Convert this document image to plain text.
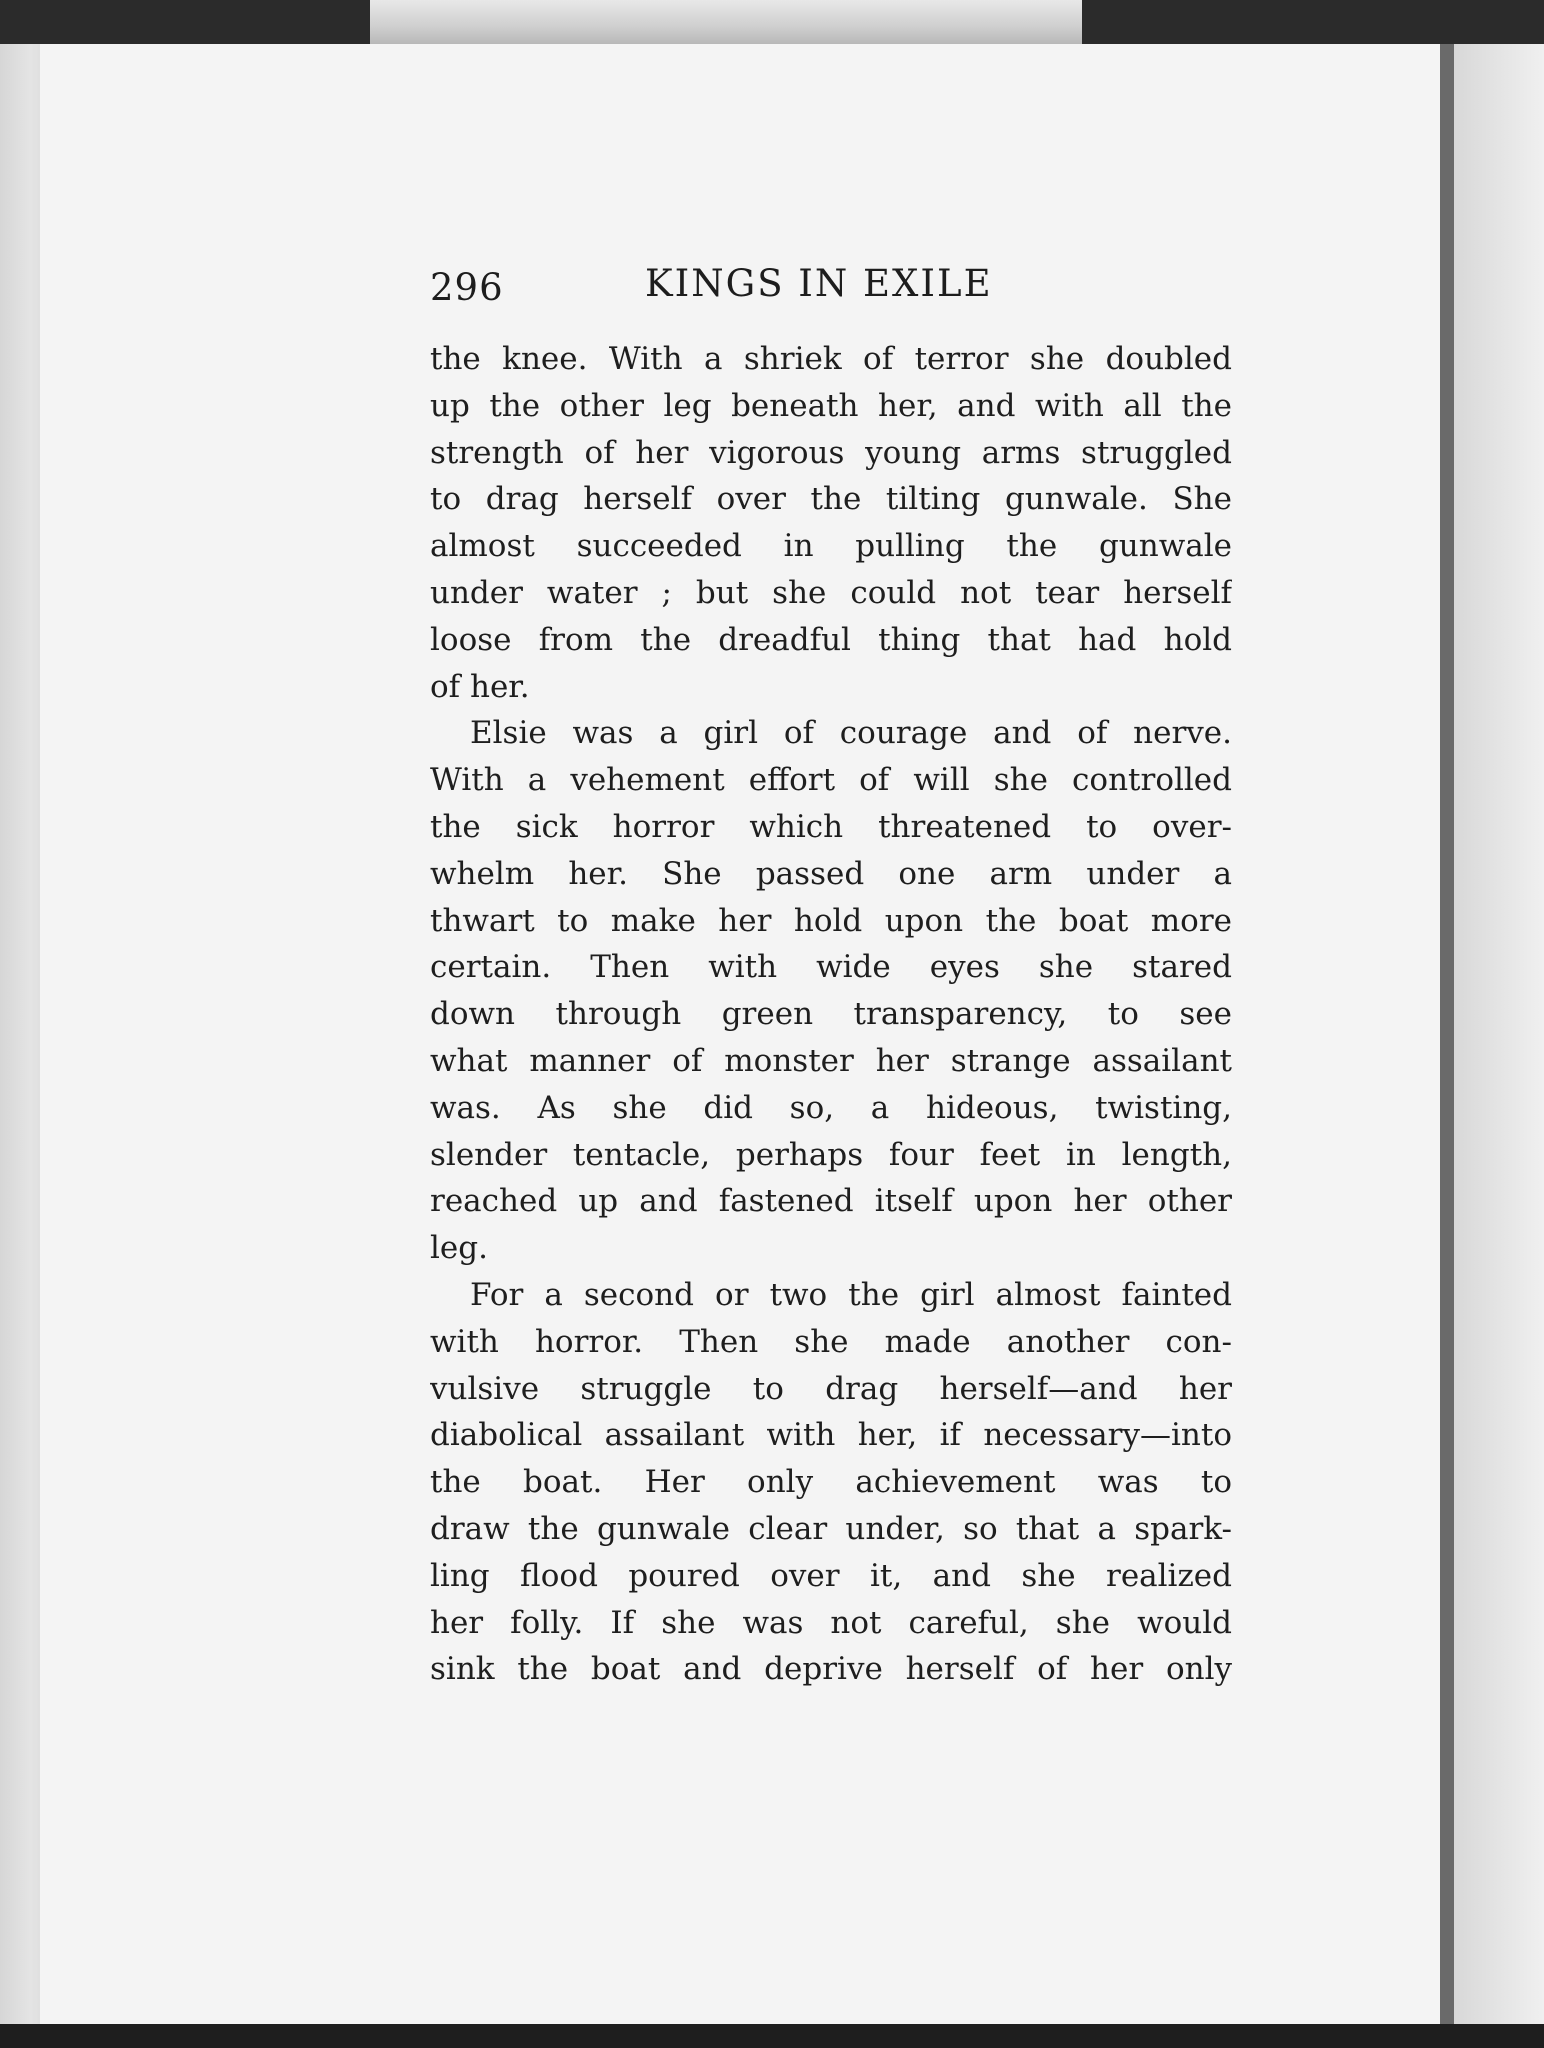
296	KINGS IN EXILE
the knee. With a shriek of terror she doubled
up the other leg beneath her, and with all the
strength of her vigorous young arms struggled
to drag herself over the tilting gunwale. She
almost succeeded in pulling the gunwale
under water ; but she could not tear herself
loose from the dreadful thing that had hold
of her.
Elsie was a girl of courage and of nerve.
With a vehement effort of will she controlled
the sick horror which threatened to over-
whelm her. She passed one arm under a
thwart to make her hold upon the boat more
certain. Then with wide eyes she stared
down through green transparency, to see
what manner of monster her strange assailant
was. As she did so, a hideous, twisting,
slender tentacle, perhaps four feet in length,
reached up and fastened itself upon her other
leg.
For a second or two the girl almost fainted
with horror. Then she made another con-
vulsive struggle to drag herself—and her
diabolical assailant with her, if necessary—into
the boat. Her only achievement was to
draw the gunwale clear under, so that a spark-
ling flood poured over it, and she realized
her folly. If she was not careful, she would
sink the boat and deprive herself of her only
